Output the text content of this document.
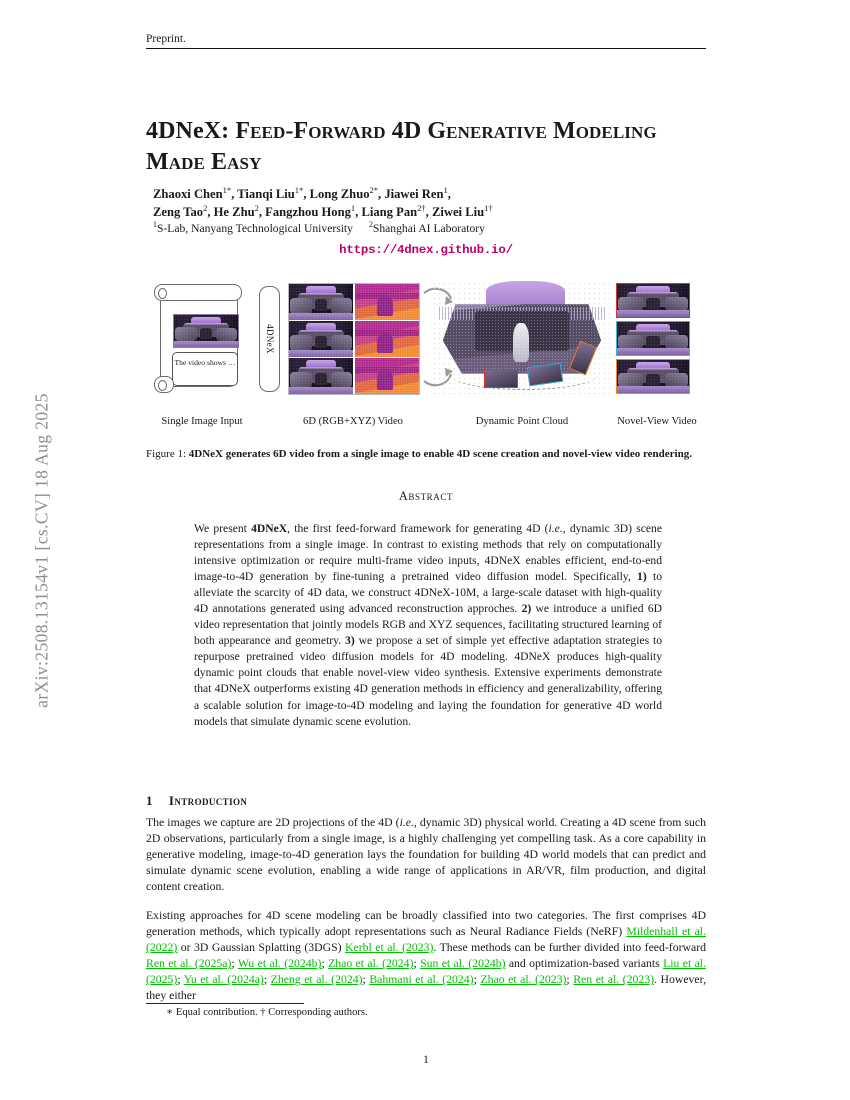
arXiv:2508.13154v1 [cs.CV] 18 Aug 2025
Preprint.
4DNeX: Feed-Forward 4D Generative Modeling Made Easy
Zhaoxi Chen$^{1*}$, Tianqi Liu$^{1*}$, Long Zhuo$^{2*}$, Jiawei Ren$^1$,
Zeng Tao$^2$, He Zhu$^2$, Fangzhou Hong$^1$, Liang Pan$^{2\dagger}$, Ziwei Liu$^{1\dagger}$
$^1$S-Lab, Nanyang Technological University $^2$Shanghai AI Laboratory
https://4dnex.github.io/
The video shows …
4DNeX
Single Image Input	6D (RGB+XYZ) Video	Dynamic Point Cloud	Novel-View Video
Figure 1: 4DNeX generates 6D video from a single image to enable 4D scene creation and novel-view video rendering.
Abstract
We present 4DNeX, the first feed-forward framework for generating 4D (i.e., dynamic 3D) scene representations from a single image. In contrast to existing methods that rely on computationally intensive optimization or require multi-frame video inputs, 4DNeX enables efficient, end-to-end image-to-4D generation by fine-tuning a pretrained video diffusion model. Specifically, 1) to alleviate the scarcity of 4D data, we construct 4DNeX-10M, a large-scale dataset with high-quality 4D annotations generated using advanced reconstruction approches. 2) we introduce a unified 6D video representation that jointly models RGB and XYZ sequences, facilitating structured learning of both appearance and geometry. 3) we propose a set of simple yet effective adaptation strategies to repurpose pretrained video diffusion models for 4D modeling. 4DNeX produces high-quality dynamic point clouds that enable novel-view video synthesis. Extensive experiments demonstrate that 4DNeX outperforms existing 4D generation methods in efficiency and generalizability, offering a scalable solution for image-to-4D modeling and laying the foundation for generative 4D world models that simulate dynamic scene evolution.
1 Introduction
The images we capture are 2D projections of the 4D (i.e., dynamic 3D) physical world. Creating a 4D scene from such 2D observations, particularly from a single image, is a highly challenging yet compelling task. As a core capability in generative modeling, image-to-4D generation lays the foundation for building 4D world models that can predict and simulate dynamic scene evolution, enabling a wide range of applications in AR/VR, film production, and digital content creation.
Existing approaches for 4D scene modeling can be broadly classified into two categories. The first comprises 4D generation methods, which typically adopt representations such as Neural Radiance Fields (NeRF) Mildenhall et al. (2022) or 3D Gaussian Splatting (3DGS) Kerbl et al. (2023). These methods can be further divided into feed-forward Ren et al. (2025a); Wu et al. (2024b); Zhao et al. (2024); Sun et al. (2024b) and optimization-based variants Liu et al. (2025); Yu et al. (2024a); Zheng et al. (2024); Bahmani et al. (2024); Zhao et al. (2023); Ren et al. (2023). However, they either
∗ Equal contribution. † Corresponding authors.
1
